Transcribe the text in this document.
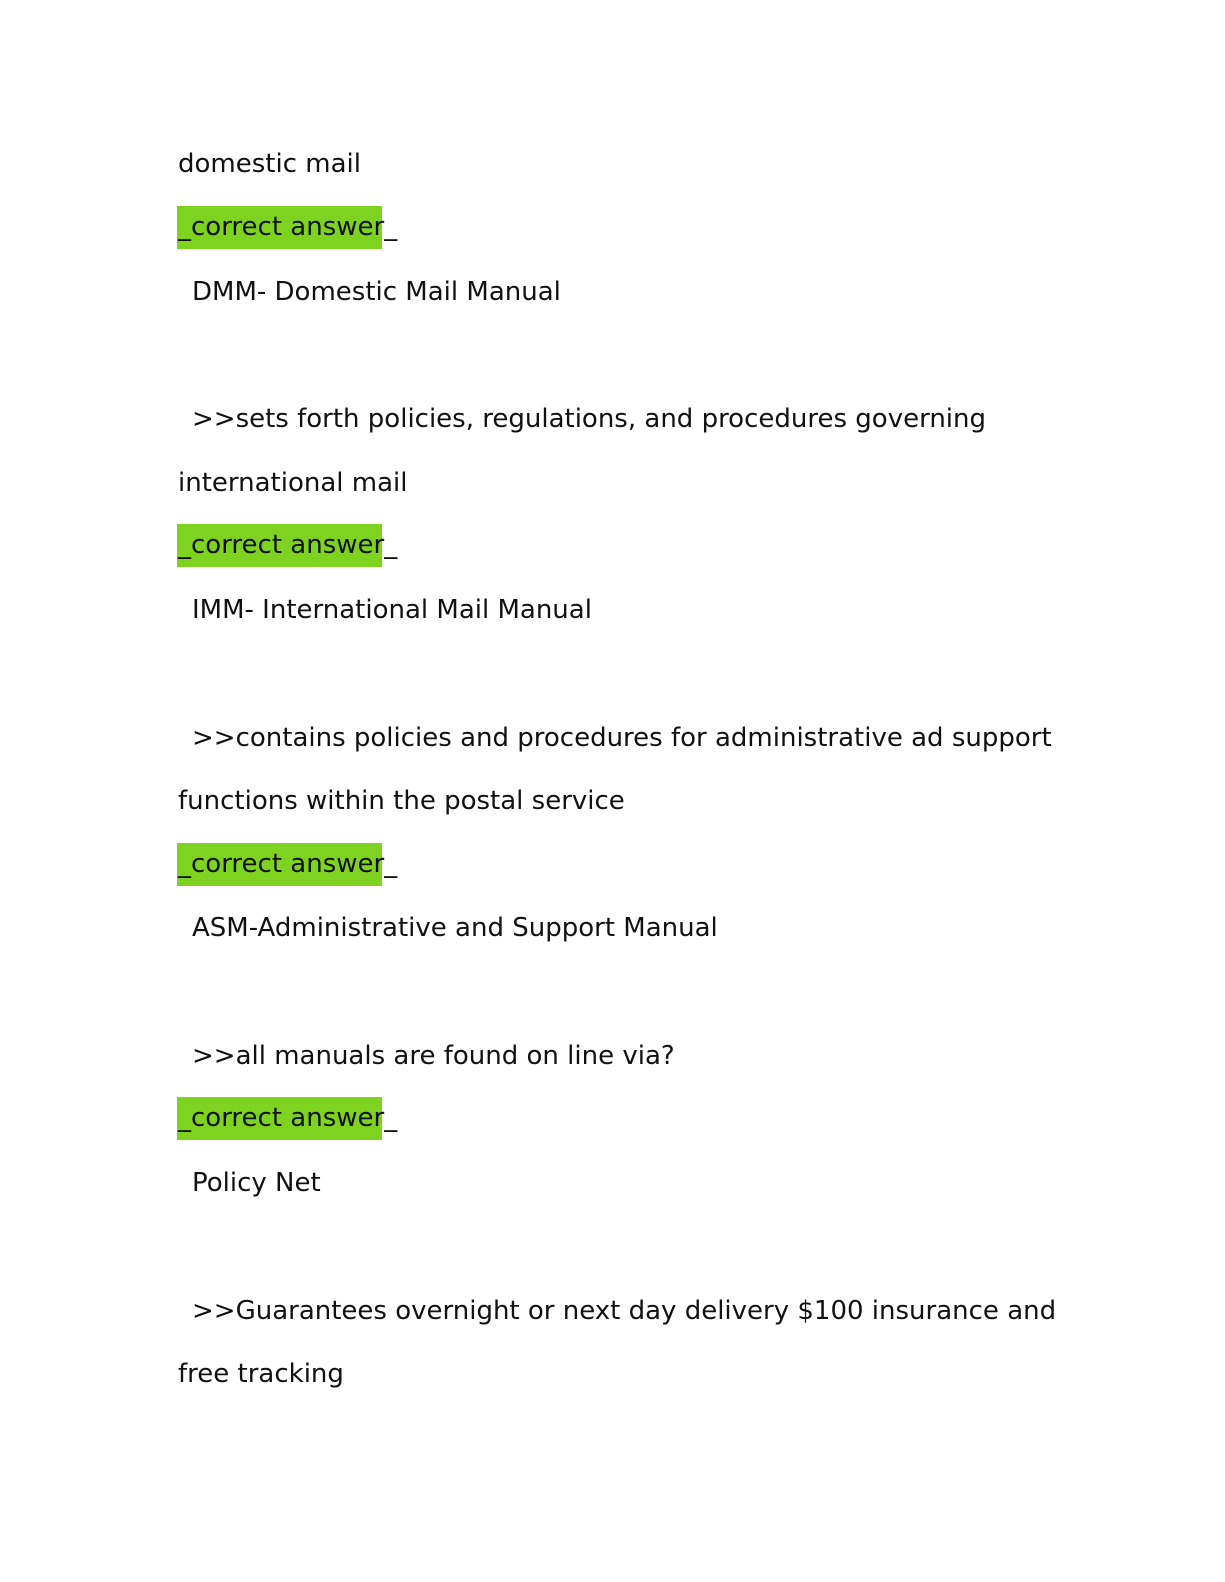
domestic mail
_correct answer_
DMM- Domestic Mail Manual
>>sets forth policies, regulations, and procedures governing
international mail
_correct answer_
IMM- International Mail Manual
>>contains policies and procedures for administrative ad support
functions within the postal service
_correct answer_
ASM-Administrative and Support Manual
>>all manuals are found on line via?
_correct answer_
Policy Net
>>Guarantees overnight or next day delivery $100 insurance and
free tracking
